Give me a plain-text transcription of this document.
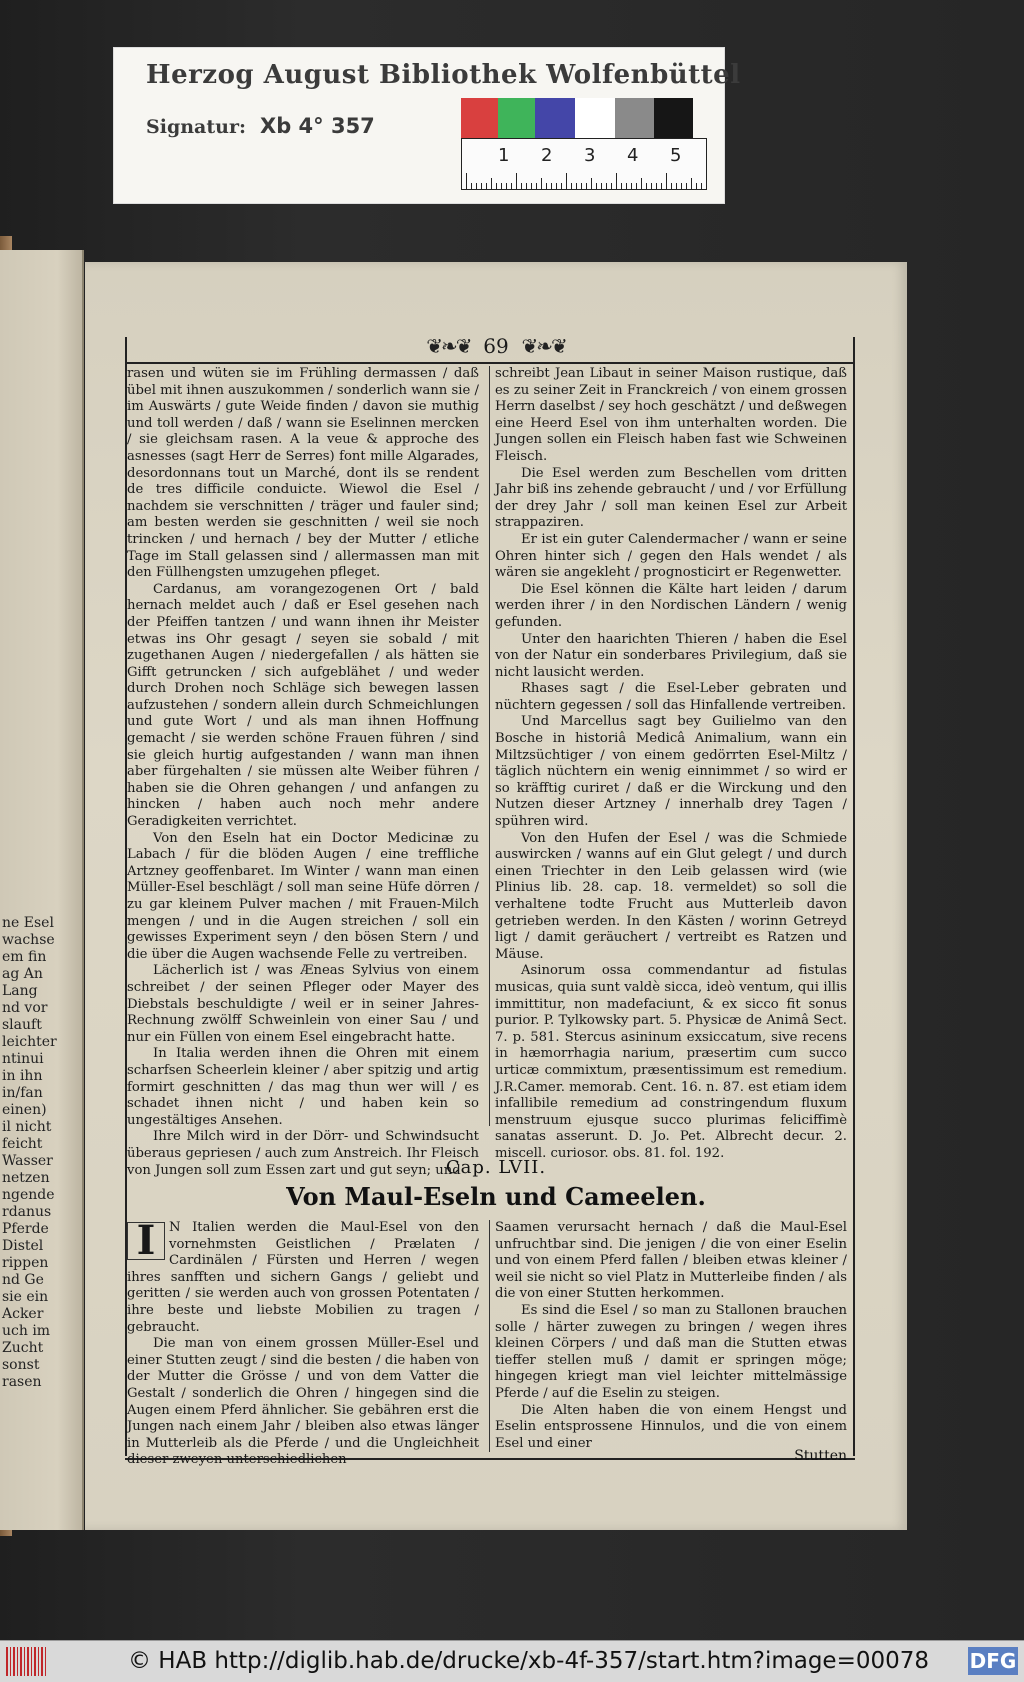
ne Esel
wachse
em fin
ag An
Lang
nd vor
slauft
leichter
ntinui
in ihn
in/fan
einen)
il nicht
feicht
Wasser
netzen
ngende
rdanus
Pferde
Distel
rippen
nd Ge
sie ein
Acker
uch im
Zucht
sonst
rasen
Herzog August Bibliothek Wolfenbüttel
Signatur: Xb 4° 357
1 2 3 4 5
❦❧❦ 69 ❦❧❦

rasen und wüten sie im Frühling dermassen / daß übel mit ihnen auszukommen / sonderlich wann sie / im Auswärts / gute Weide finden / davon sie muthig und toll werden / daß / wann sie Eselinnen mercken / sie gleichsam rasen. A la veue & approche des asnesses (sagt Herr de Serres) font mille Algarades, desordonnans tout un Marché, dont ils se rendent de tres difficile conduicte. Wiewol die Esel / nachdem sie verschnitten / träger und fauler sind; am besten werden sie geschnitten / weil sie noch trincken / und hernach / bey der Mutter / etliche Tage im Stall gelassen sind / allermassen man mit den Füllhengsten umzugehen pfleget.

Cardanus, am vorangezogenen Ort / bald hernach meldet auch / daß er Esel gesehen nach der Pfeiffen tantzen / und wann ihnen ihr Meister etwas ins Ohr gesagt / seyen sie sobald / mit zugethanen Augen / niedergefallen / als hätten sie Gifft getruncken / sich aufgeblähet / und weder durch Drohen noch Schläge sich bewegen lassen aufzustehen / sondern allein durch Schmeichlungen und gute Wort / und als man ihnen Hoffnung gemacht / sie werden schöne Frauen führen / sind sie gleich hurtig aufgestanden / wann man ihnen aber fürgehalten / sie müssen alte Weiber führen / haben sie die Ohren gehangen / und anfangen zu hincken / haben auch noch mehr andere Geradigkeiten verrichtet.

Von den Eseln hat ein Doctor Medicinæ zu Labach / für die blöden Augen / eine treffliche Artzney geoffenbaret. Im Winter / wann man einen Müller-Esel beschlägt / soll man seine Hüfe dörren / zu gar kleinem Pulver machen / mit Frauen-Milch mengen / und in die Augen streichen / soll ein gewisses Experiment seyn / den bösen Stern / und die über die Augen wachsende Felle zu vertreiben.

Lächerlich ist / was Æneas Sylvius von einem schreibet / der seinen Pfleger oder Mayer des Diebstals beschuldigte / weil er in seiner Jahres-Rechnung zwölff Schweinlein von einer Sau / und nur ein Füllen von einem Esel eingebracht hatte.

In Italia werden ihnen die Ohren mit einem scharfsen Scheerlein kleiner / aber spitzig und artig formirt geschnitten / das mag thun wer will / es schadet ihnen nicht / und haben kein so ungestältiges Ansehen.

Ihre Milch wird in der Dörr- und Schwindsucht überaus gepriesen / auch zum Anstreich. Ihr Fleisch von Jungen soll zum Essen zart und gut seyn; und

schreibt Jean Libaut in seiner Maison rustique, daß es zu seiner Zeit in Franckreich / von einem grossen Herrn daselbst / sey hoch geschätzt / und deßwegen eine Heerd Esel von ihm unterhalten worden. Die Jungen sollen ein Fleisch haben fast wie Schweinen Fleisch.

Die Esel werden zum Beschellen vom dritten Jahr biß ins zehende gebraucht / und / vor Erfüllung der drey Jahr / soll man keinen Esel zur Arbeit strappaziren.

Er ist ein guter Calendermacher / wann er seine Ohren hinter sich / gegen den Hals wendet / als wären sie angekleht / prognosticirt er Regenwetter.

Die Esel können die Kälte hart leiden / darum werden ihrer / in den Nordischen Ländern / wenig gefunden.

Unter den haarichten Thieren / haben die Esel von der Natur ein sonderbares Privilegium, daß sie nicht lausicht werden.

Rhases sagt / die Esel-Leber gebraten und nüchtern gegessen / soll das Hinfallende vertreiben.

Und Marcellus sagt bey Guilielmo van den Bosche in historiâ Medicâ Animalium, wann ein Miltzsüchtiger / von einem gedörrten Esel-Miltz / täglich nüchtern ein wenig einnimmet / so wird er so kräfftig curiret / daß er die Wirckung und den Nutzen dieser Artzney / innerhalb drey Tagen / spühren wird.

Von den Hufen der Esel / was die Schmiede auswircken / wanns auf ein Glut gelegt / und durch einen Triechter in den Leib gelassen wird (wie Plinius lib. 28. cap. 18. vermeldet) so soll die verhaltene todte Frucht aus Mutterleib davon getrieben werden. In den Kästen / worinn Getreyd ligt / damit geräuchert / vertreibt es Ratzen und Mäuse.

Asinorum ossa commendantur ad fistulas musicas, quia sunt valdè sicca, ideò ventum, qui illis immittitur, non madefaciunt, & ex sicco fit sonus purior. P. Tylkowsky part. 5. Physicæ de Animâ Sect. 7. p. 581. Stercus asininum exsiccatum, sive recens in hæmorrhagia narium, præsertim cum succo urticæ commixtum, præsentissimum est remedium. J.R.Camer. memorab. Cent. 16. n. 87. est etiam idem infallibile remedium ad constringendum fluxum menstruum ejusque succo plurimas feliciffimè sanatas asserunt. D. Jo. Pet. Albrecht decur. 2. miscell. curiosor. obs. 81. fol. 192.

Cap. LVII.
Von Maul-Eseln und Cameelen.

I	N Italien werden die Maul-Esel von den vornehmsten Geistlichen / Prælaten / Cardinälen / Fürsten und Herren / wegen ihres sanfften und sichern Gangs / geliebt und geritten / sie werden auch von grossen Potentaten / ihre beste und liebste Mobilien zu tragen / gebraucht.

Die man von einem grossen Müller-Esel und einer Stutten zeugt / sind die besten / die haben von der Mutter die Grösse / und von dem Vatter die Gestalt / sonderlich die Ohren / hingegen sind die Augen einem Pferd ähnlicher. Sie gebähren erst die Jungen nach einem Jahr / bleiben also etwas länger in Mutterleib als die Pferde / und die Ungleichheit dieser zweyen unterschiedlichen

Saamen verursacht hernach / daß die Maul-Esel unfruchtbar sind. Die jenigen / die von einer Eselin und von einem Pferd fallen / bleiben etwas kleiner / weil sie nicht so viel Platz in Mutterleibe finden / als die von einer Stutten herkommen.

Es sind die Esel / so man zu Stallonen brauchen solle / härter zuwegen zu bringen / wegen ihres kleinen Cörpers / und daß man die Stutten etwas tieffer stellen muß / damit er springen möge; hingegen kriegt man viel leichter mittelmässige Pferde / auf die Eselin zu steigen.

Die Alten haben die von einem Hengst und Eselin entsprossene Hinnulos, und die von einem Esel und einer

Stutten
© HAB http://diglib.hab.de/drucke/xb-4f-357/start.htm?image=00078 DFG
